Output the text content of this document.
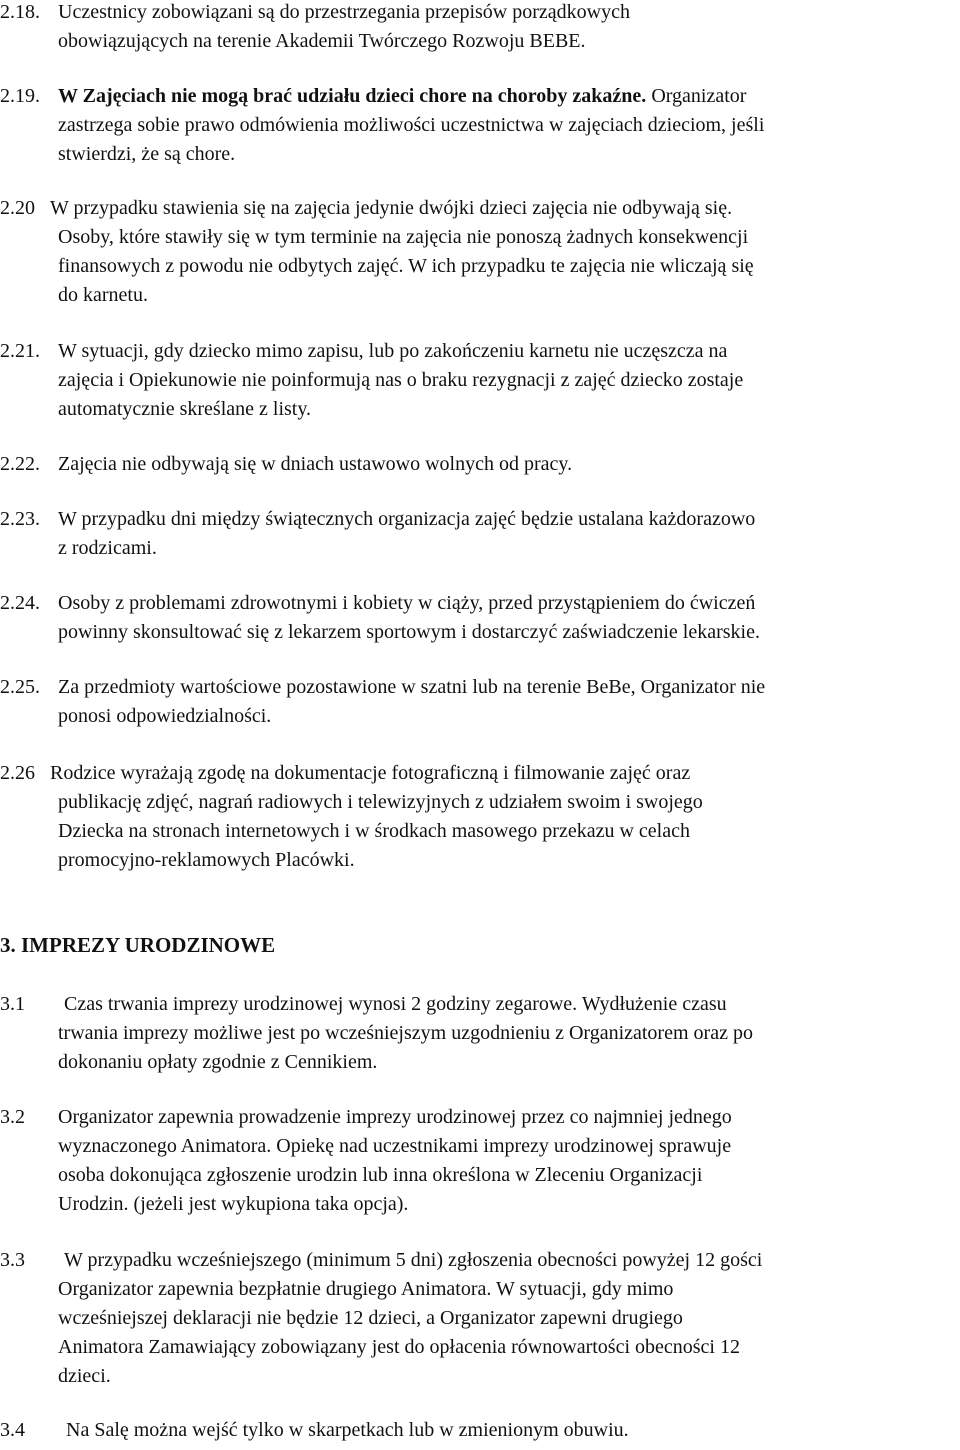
2.18. Uczestnicy zobowiązani są do przestrzegania przepisów porządkowych
obowiązujących na terenie Akademii Twórczego Rozwoju BEBE.
2.19. W Zajęciach nie mogą brać udziału dzieci chore na choroby zakaźne. Organizator
zastrzega sobie prawo odmówienia możliwości uczestnictwa w zajęciach dzieciom, jeśli
stwierdzi, że są chore.
2.20 W przypadku stawienia się na zajęcia jedynie dwójki dzieci zajęcia nie odbywają się.
Osoby, które stawiły się w tym terminie na zajęcia nie ponoszą żadnych konsekwencji
finansowych z powodu nie odbytych zajęć. W ich przypadku te zajęcia nie wliczają się
do karnetu.
2.21. W sytuacji, gdy dziecko mimo zapisu, lub po zakończeniu karnetu nie uczęszcza na
zajęcia i Opiekunowie nie poinformują nas o braku rezygnacji z zajęć dziecko zostaje
automatycznie skreślane z listy.
2.22. Zajęcia nie odbywają się w dniach ustawowo wolnych od pracy.
2.23. W przypadku dni między świątecznych organizacja zajęć będzie ustalana każdorazowo
z rodzicami.
2.24. Osoby z problemami zdrowotnymi i kobiety w ciąży, przed przystąpieniem do ćwiczeń
powinny skonsultować się z lekarzem sportowym i dostarczyć zaświadczenie lekarskie.
2.25. Za przedmioty wartościowe pozostawione w szatni lub na terenie BeBe, Organizator nie
ponosi odpowiedzialności.
2.26 Rodzice wyrażają zgodę na dokumentacje fotograficzną i filmowanie zajęć oraz
publikację zdjęć, nagrań radiowych i telewizyjnych z udziałem swoim i swojego
Dziecka na stronach internetowych i w środkach masowego przekazu w celach
promocyjno-reklamowych Placówki.
3. IMPREZY URODZINOWE
3.1 Czas trwania imprezy urodzinowej wynosi 2 godziny zegarowe. Wydłużenie czasu
trwania imprezy możliwe jest po wcześniejszym uzgodnieniu z Organizatorem oraz po
dokonaniu opłaty zgodnie z Cennikiem.
3.2 Organizator zapewnia prowadzenie imprezy urodzinowej przez co najmniej jednego
wyznaczonego Animatora. Opiekę nad uczestnikami imprezy urodzinowej sprawuje
osoba dokonująca zgłoszenie urodzin lub inna określona w Zleceniu Organizacji
Urodzin. (jeżeli jest wykupiona taka opcja).
3.3 W przypadku wcześniejszego (minimum 5 dni) zgłoszenia obecności powyżej 12 gości
Organizator zapewnia bezpłatnie drugiego Animatora. W sytuacji, gdy mimo
wcześniejszej deklaracji nie będzie 12 dzieci, a Organizator zapewni drugiego
Animatora Zamawiający zobowiązany jest do opłacenia równowartości obecności 12
dzieci.
3.4 Na Salę można wejść tylko w skarpetkach lub w zmienionym obuwiu.
